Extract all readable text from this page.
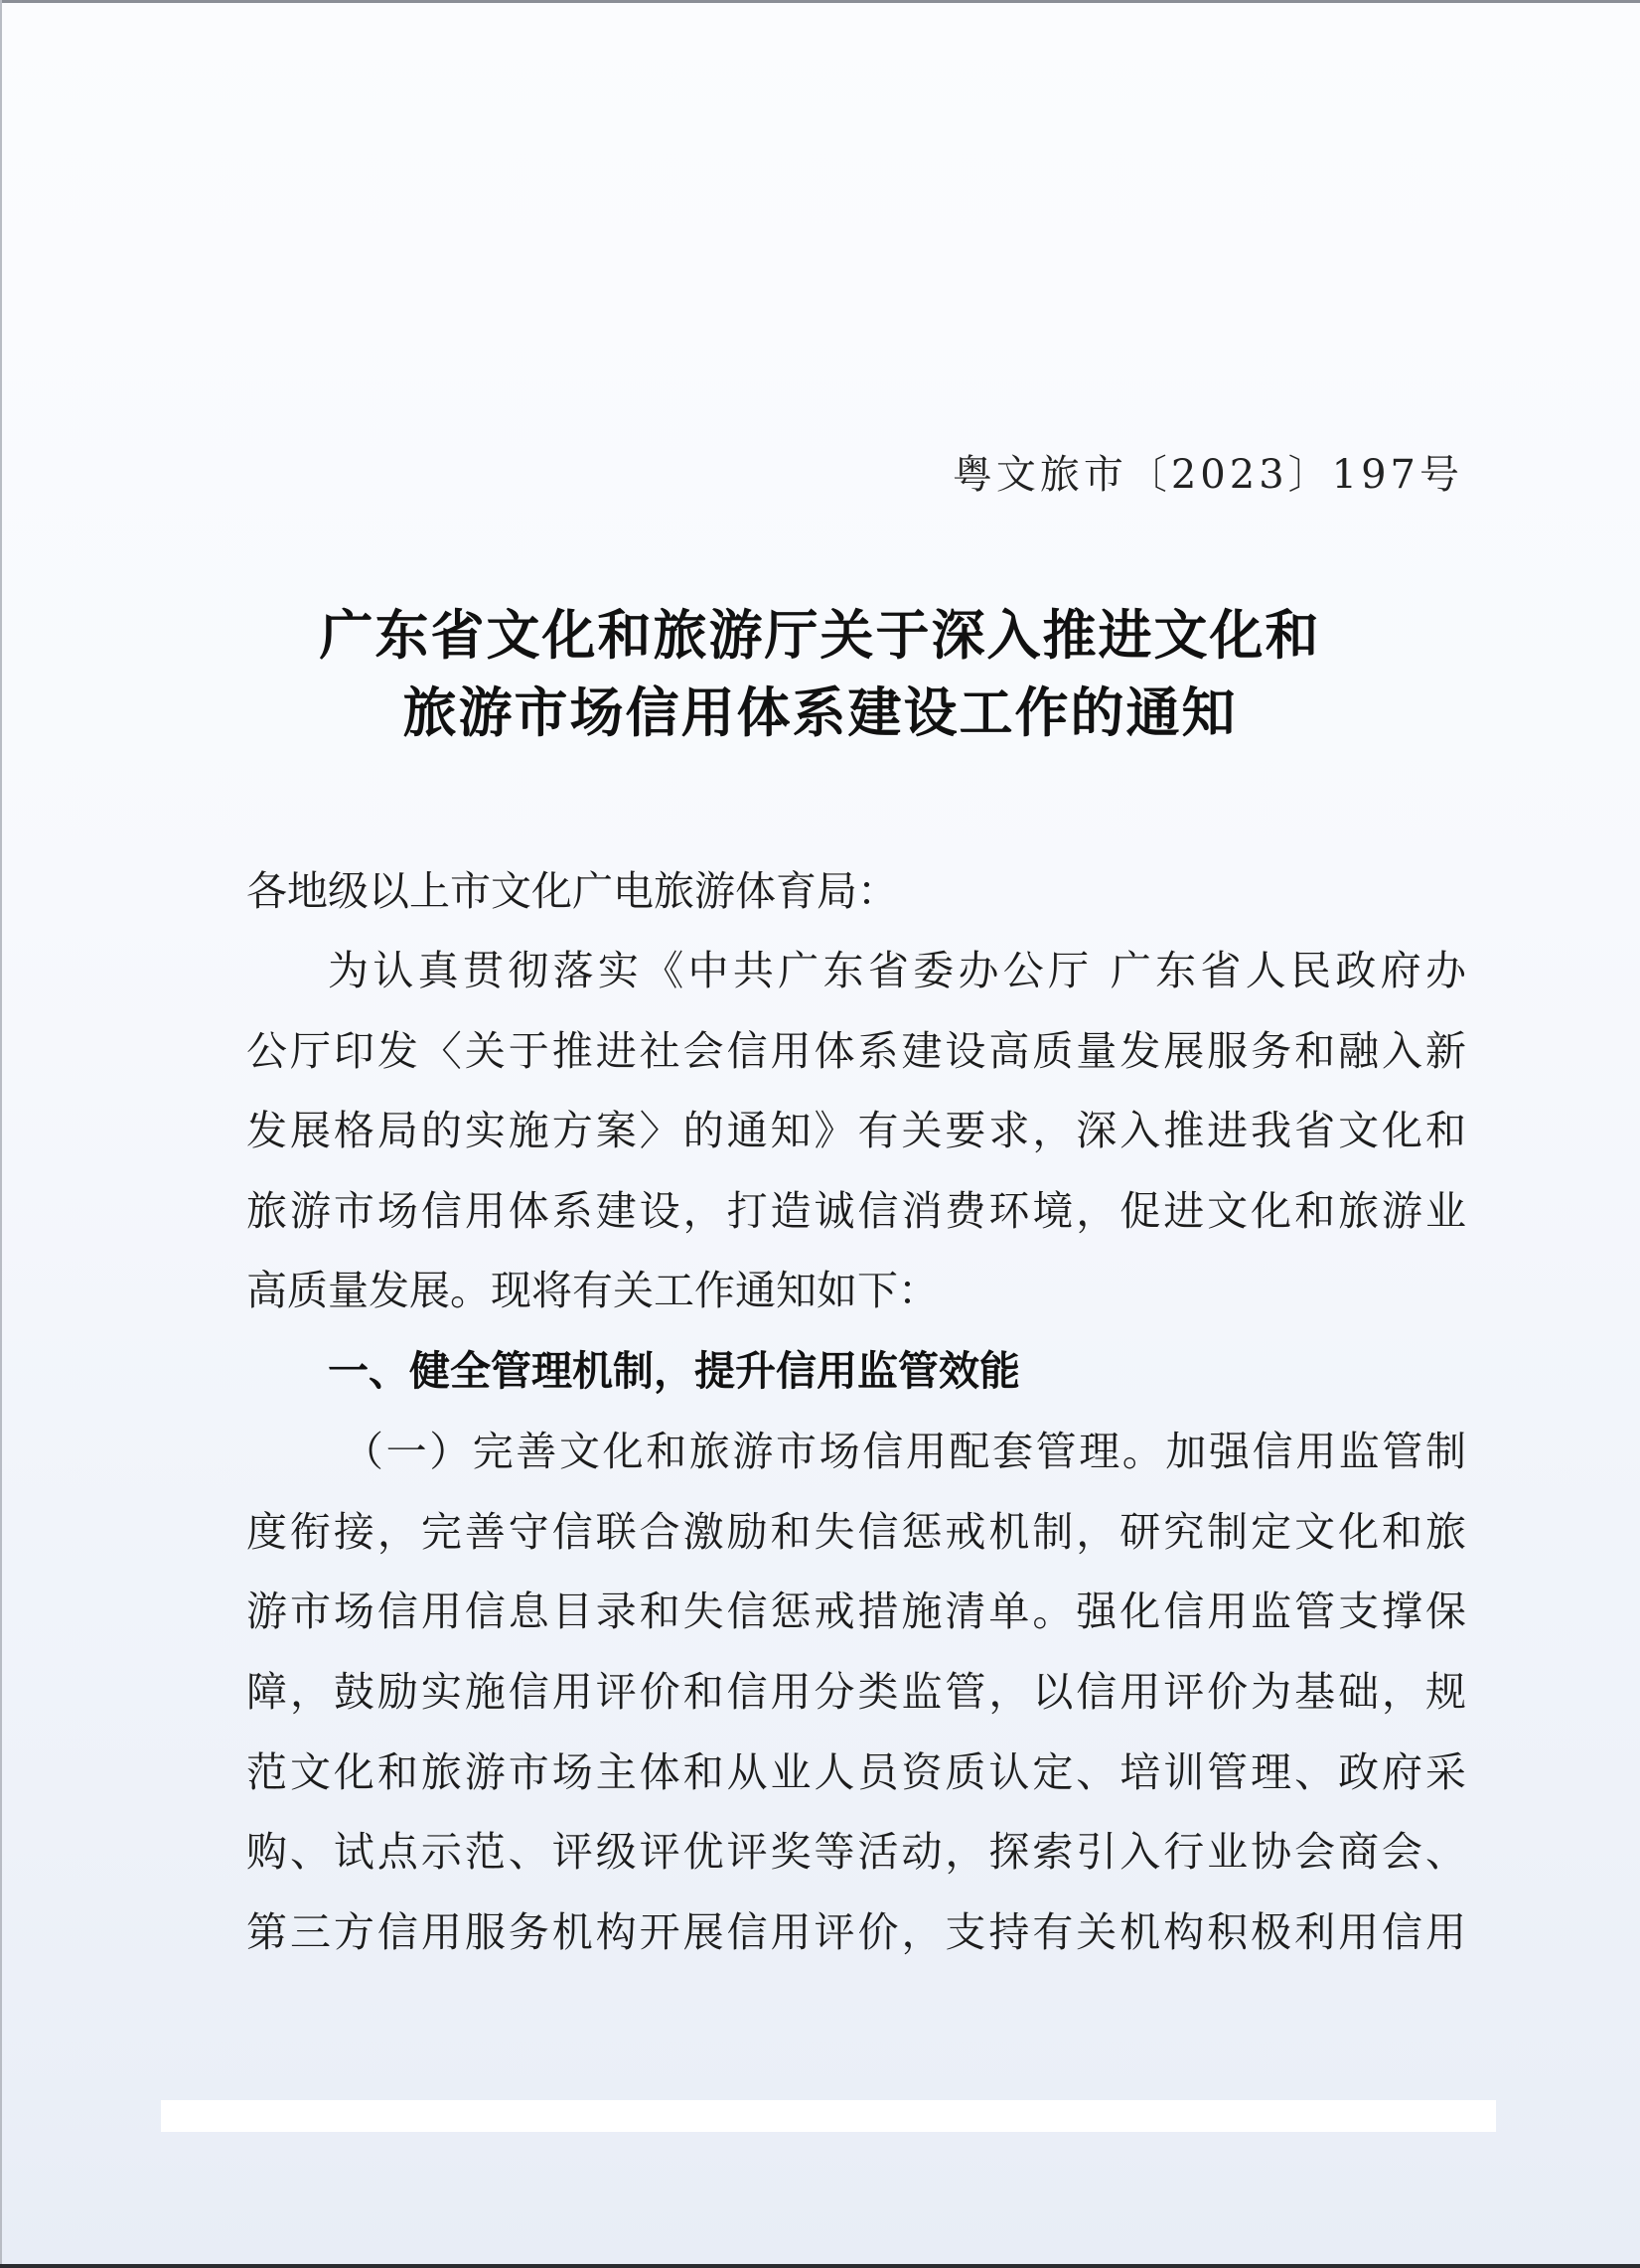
粤文旅市〔2023〕197号
广东省文化和旅游厅关于深入推进文化和
旅游市场信用体系建设工作的通知
各地级以上市文化广电旅游体育局：
为认真贯彻落实《中共广东省委办公厅 广东省人民政府办
公厅印发〈关于推进社会信用体系建设高质量发展服务和融入新
发展格局的实施方案〉的通知》有关要求，深入推进我省文化和
旅游市场信用体系建设，打造诚信消费环境，促进文化和旅游业
高质量发展。现将有关工作通知如下：
一、健全管理机制，提升信用监管效能
（一）完善文化和旅游市场信用配套管理。加强信用监管制
度衔接，完善守信联合激励和失信惩戒机制，研究制定文化和旅
游市场信用信息目录和失信惩戒措施清单。强化信用监管支撑保
障，鼓励实施信用评价和信用分类监管，以信用评价为基础，规
范文化和旅游市场主体和从业人员资质认定、培训管理、政府采
购、试点示范、评级评优评奖等活动，探索引入行业协会商会、
第三方信用服务机构开展信用评价，支持有关机构积极利用信用
